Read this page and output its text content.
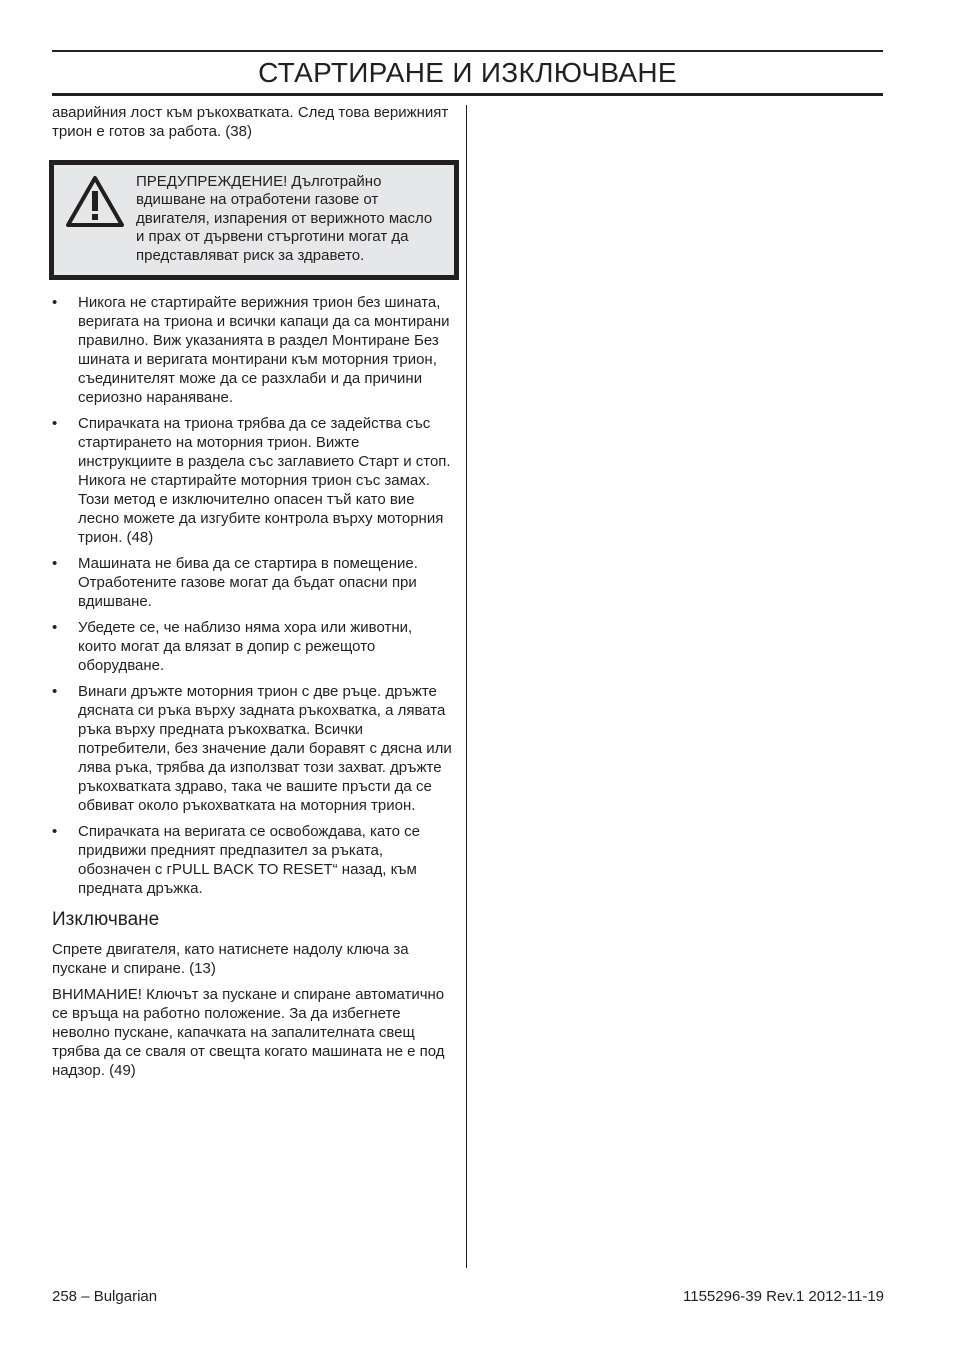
СТАРТИРАНЕ И ИЗКЛЮЧВАНЕ

аварийния лост към ръкохватката. След това верижният трион е готов за работа. (38)

ПРЕДУПРЕЖДЕНИЕ! Дълготрайно вдишване на отработени газове от двигателя, изпарения от верижното масло и прах от дървени стърготини могат да представляват риск за здравето.

• Никога не стартирайте верижния трион без шината, веригата на триона и всички капаци да са монтирани правилно. Виж указанията в раздел Монтиране Без шината и веригата монтирани към моторния трион, съединителят може да се разхлаби и да причини сериозно нараняване.
• Спирачката на триона трябва да се задейства със стартирането на моторния трион. Вижте инструкциите в раздела със заглавието Старт и стоп. Никога не стартирайте моторния трион със замах. Този метод е изключително опасен тъй като вие лесно можете да изгубите контрола върху моторния трион. (48)
• Машината не бива да се стартира в помещение. Отработените газове могат да бъдат опасни при вдишване.
• Убедете се, че наблизо няма хора или животни, които могат да влязат в допир с режещото оборудване.
• Винаги дръжте моторния трион с две ръце. дръжте дясната си ръка върху задната ръкохватка, а лявата ръка върху предната ръкохватка. Всички потребители, без значение дали боравят с дясна или лява ръка, трябва да използват този захват. дръжте ръкохватката здраво, така че вашите пръсти да се обвиват около ръкохватката на моторния трион.
• Спирачката на веригата се освобождава, като се придвижи предният предпазител за ръката, обозначен с гPULL BACK TO RESET“ назад, към предната дръжка.
Изключване

Спрете двигателя, като натиснете надолу ключа за пускане и спиране. (13)

ВНИМАНИЕ! Ключът за пускане и спиране автоматично се връща на работно положение. За да избегнете неволно пускане, капачката на запалителната свещ трябва да се сваля от свещта когато машината не е под надзор. (49)

258 – Bulgarian	1155296-39 Rev.1 2012-11-19
